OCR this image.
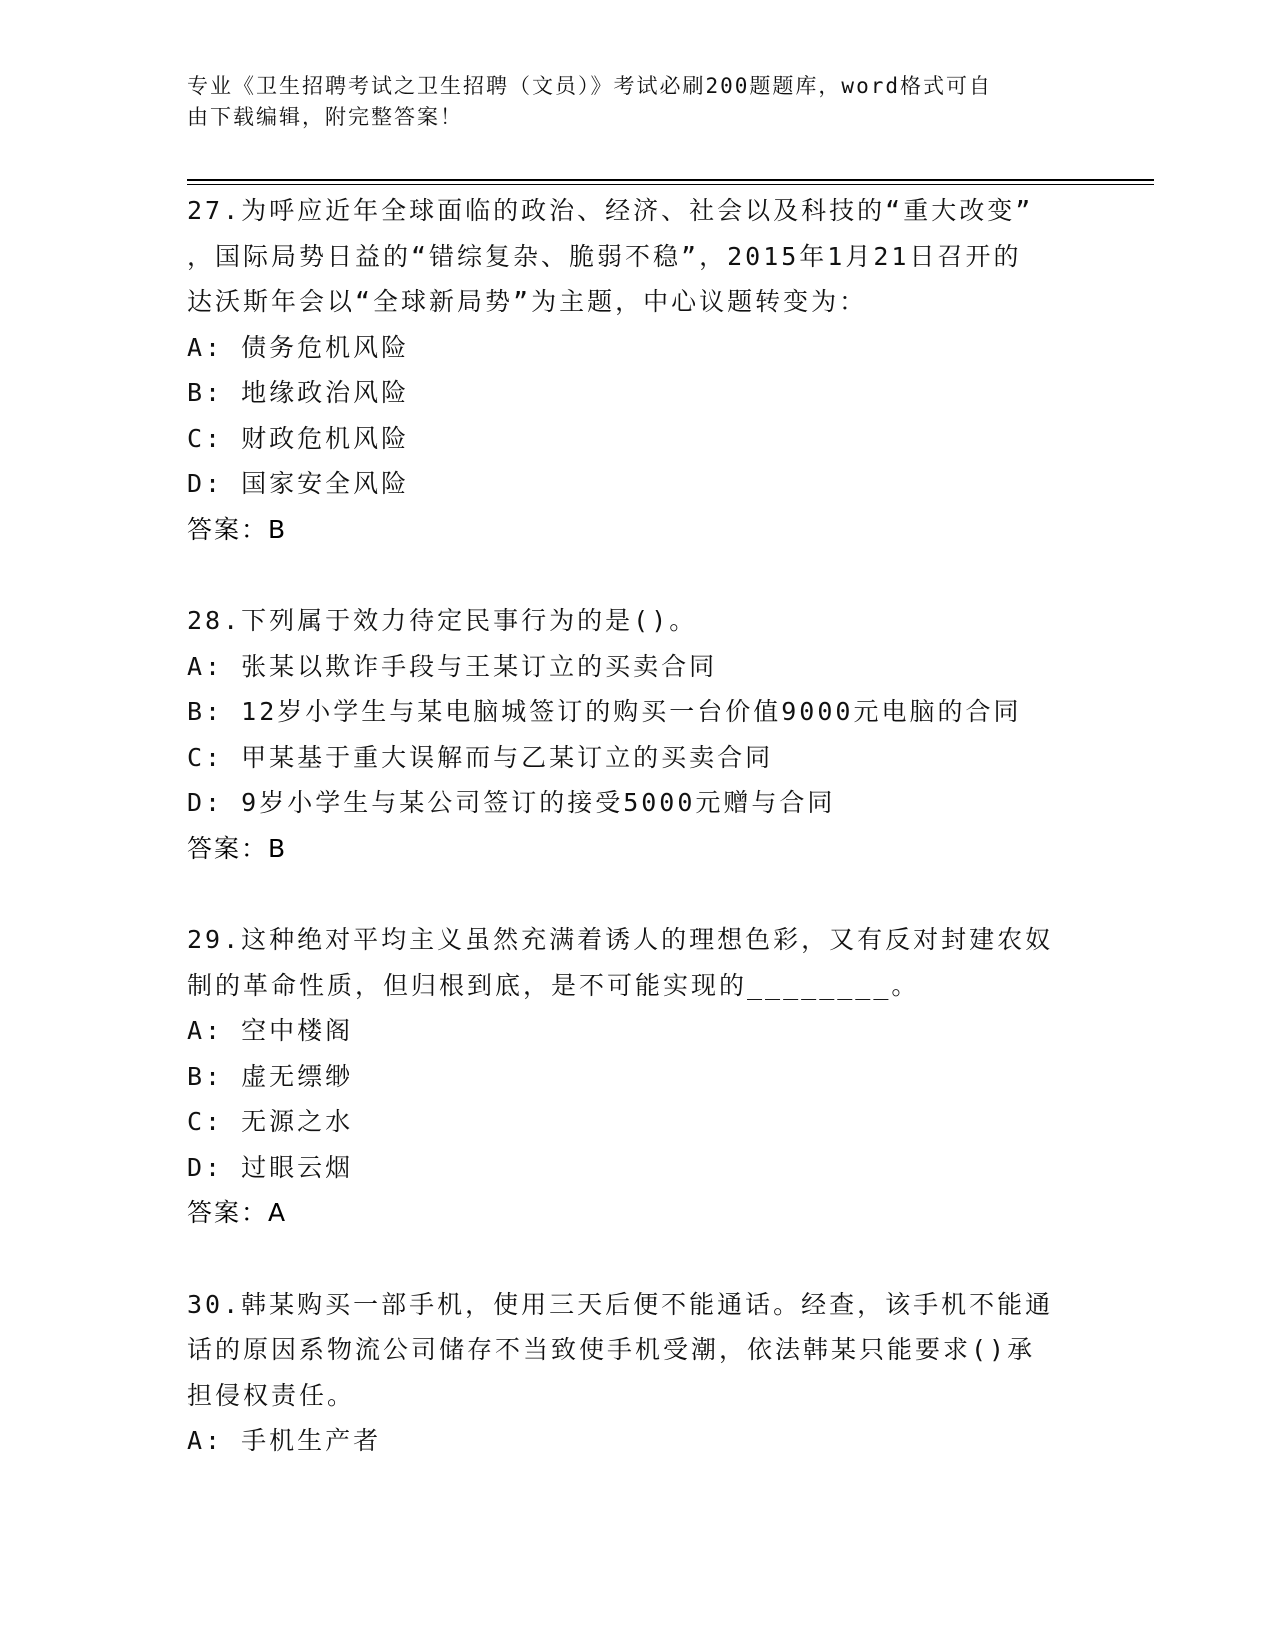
专业《卫生招聘考试之卫生招聘（文员）》考试必刷200题题库，word格式可自
由下载编辑，附完整答案！
27.为呼应近年全球面临的政治、经济、社会以及科技的“重大改变”
，国际局势日益的“错综复杂、脆弱不稳”，2015年1月21日召开的
达沃斯年会以“全球新局势”为主题，中心议题转变为：
A: 债务危机风险
B: 地缘政治风险
C: 财政危机风险
D: 国家安全风险
答案：B
28.下列属于效力待定民事行为的是()。
A: 张某以欺诈手段与王某订立的买卖合同
B: 12岁小学生与某电脑城签订的购买一台价值9000元电脑的合同
C: 甲某基于重大误解而与乙某订立的买卖合同
D: 9岁小学生与某公司签订的接受5000元赠与合同
答案：B
29.这种绝对平均主义虽然充满着诱人的理想色彩，又有反对封建农奴
制的革命性质，但归根到底，是不可能实现的________。
A: 空中楼阁
B: 虚无缥缈
C: 无源之水
D: 过眼云烟
答案：A
30.韩某购买一部手机，使用三天后便不能通话。经查，该手机不能通
话的原因系物流公司储存不当致使手机受潮，依法韩某只能要求()承
担侵权责任。
A: 手机生产者
